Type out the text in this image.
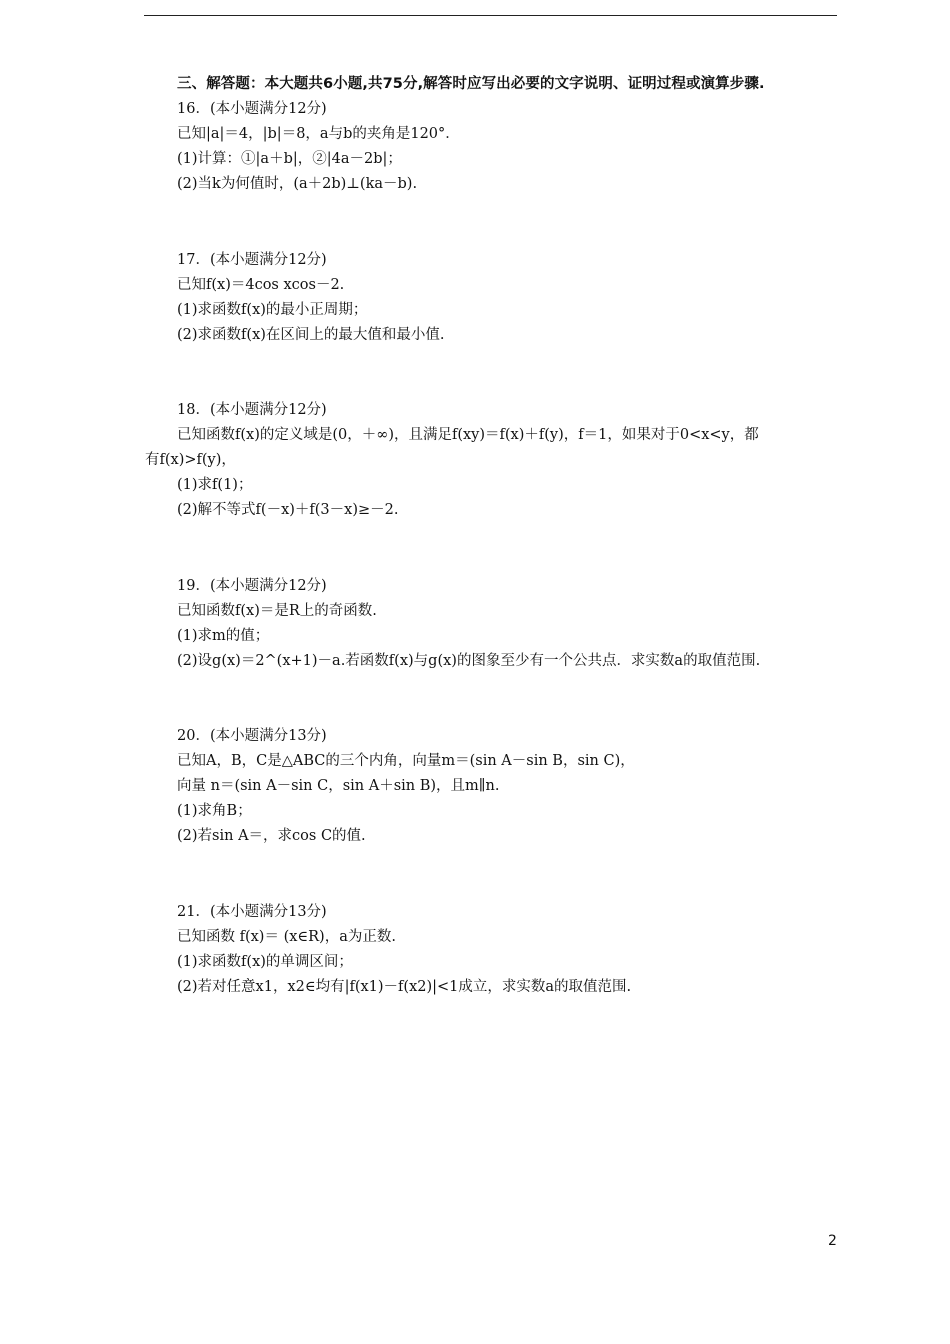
三、解答题：本大题共6小题,共75分,解答时应写出必要的文字说明、证明过程或演算步骤.
16．(本小题满分12分)
已知|a|＝4，|b|＝8，a与b的夹角是120°．
(1)计算：①|a＋b|，②|4a－2b|；
(2)当k为何值时，(a＋2b)⊥(ka－b).
17．(本小题满分12分)
已知f(x)＝4cos xcos－2.
(1)求函数f(x)的最小正周期；
(2)求函数f(x)在区间上的最大值和最小值.
18．(本小题满分12分)
已知函数f(x)的定义域是(0，＋∞)，且满足f(xy)＝f(x)＋f(y)，f＝1，如果对于0<x<y，都
有f(x)>f(y)，
(1)求f(1)；
(2)解不等式f(－x)＋f(3－x)≥－2.
19．(本小题满分12分)
已知函数f(x)＝是R上的奇函数.
(1)求m的值；
(2)设g(x)＝2^(x+1)－a.若函数f(x)与g(x)的图象至少有一个公共点．求实数a的取值范围.
20．(本小题满分13分)
已知A，B，C是△ABC的三个内角，向量m＝(sin A－sin B，sin C)，
向量 n＝(sin A－sin C，sin A＋sin B)，且m∥n.
(1)求角B；
(2)若sin A＝，求cos C的值.
21．(本小题满分13分)
已知函数 f(x)＝ (x∈R)，a为正数.
(1)求函数f(x)的单调区间；
(2)若对任意x1，x2∈均有|f(x1)－f(x2)|<1成立，求实数a的取值范围.
2
